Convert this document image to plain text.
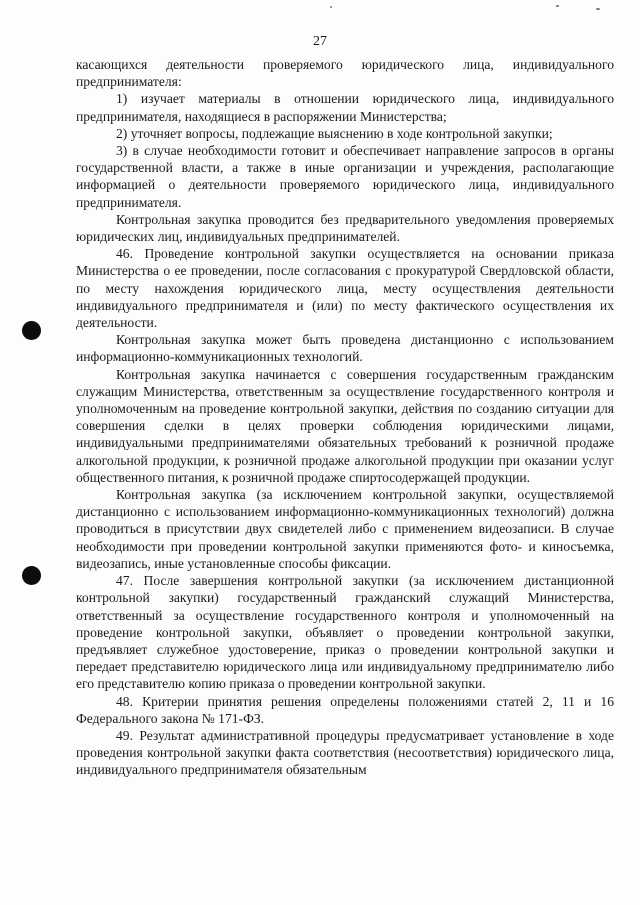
27

касающихся деятельности проверяемого юридического лица, индивидуального предпринимателя:

1) изучает материалы в отношении юридического лица, индивидуального предпринимателя, находящиеся в распоряжении Министерства;

2) уточняет вопросы, подлежащие выяснению в ходе контрольной закупки;

3) в случае необходимости готовит и обеспечивает направление запросов в органы государственной власти, а также в иные организации и учреждения, располагающие информацией о деятельности проверяемого юридического лица, индивидуального предпринимателя.

Контрольная закупка проводится без предварительного уведомления проверяемых юридических лиц, индивидуальных предпринимателей.

46. Проведение контрольной закупки осуществляется на основании приказа Министерства о ее проведении, после согласования с прокуратурой Свердловской области, по месту нахождения юридического лица, месту осуществления деятельности индивидуального предпринимателя и (или) по месту фактического осуществления их деятельности.

Контрольная закупка может быть проведена дистанционно с использованием информационно-коммуникационных технологий.

Контрольная закупка начинается с совершения государственным гражданским служащим Министерства, ответственным за осуществление государственного контроля и уполномоченным на проведение контрольной закупки, действия по созданию ситуации для совершения сделки в целях проверки соблюдения юридическими лицами, индивидуальными предпринимателями обязательных требований к розничной продаже алкогольной продукции, к розничной продаже алкогольной продукции при оказании услуг общественного питания, к розничной продаже спиртосодержащей продукции.

Контрольная закупка (за исключением контрольной закупки, осуществляемой дистанционно с использованием информационно-коммуникационных технологий) должна проводиться в присутствии двух свидетелей либо с применением видеозаписи. В случае необходимости при проведении контрольной закупки применяются фото- и киносъемка, видеозапись, иные установленные способы фиксации.

47. После завершения контрольной закупки (за исключением дистанционной контрольной закупки) государственный гражданский служащий Министерства, ответственный за осуществление государственного контроля и уполномоченный на проведение контрольной закупки, объявляет о проведении контрольной закупки, предъявляет служебное удостоверение, приказ о проведении контрольной закупки и передает представителю юридического лица или индивидуальному предпринимателю либо его представителю копию приказа о проведении контрольной закупки.

48. Критерии принятия решения определены положениями статей 2, 11 и 16 Федерального закона № 171-ФЗ.

49. Результат административной процедуры предусматривает установление в ходе проведения контрольной закупки факта соответствия (несоответствия) юридического лица, индивидуального предпринимателя обязательным
